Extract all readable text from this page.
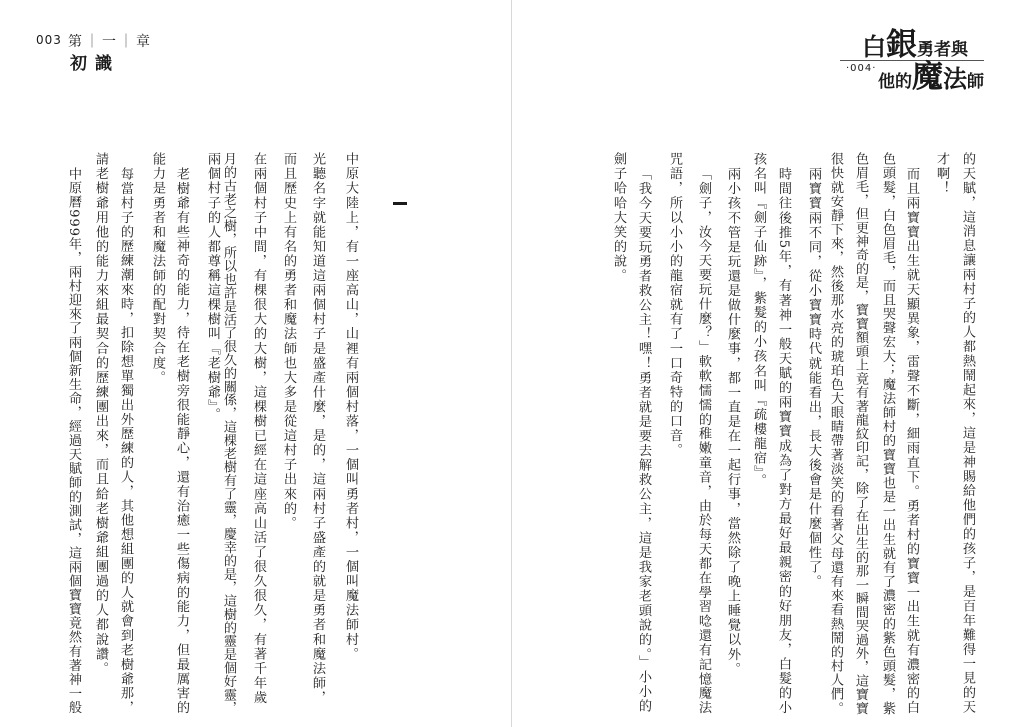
003 第｜一｜章
初識
中原大陸上，有一座高山，山裡有兩個村落，一個叫勇者村，一個叫魔法師村。
光聽名字就能知道這兩個村子是盛產什麼，是的，這兩村子盛產的就是勇者和魔法師，
而且歷史上有名的勇者和魔法師也大多是從這村子出來的。
在兩個村子中間，有棵很大的大樹，這棵樹已經在這座高山活了很久很久，有著千年歲
月的古老之樹，所以也許是活了很久的關係，這棵老樹有了靈，慶幸的是，這樹的靈是個好靈，
兩個村子的人都尊稱這棵樹叫『老樹爺』。
老樹爺有些神奇的能力，待在老樹旁很能靜心，還有治癒一些傷病的能力，但最厲害的
能力是勇者和魔法師的配對契合度。
每當村子的歷練潮來時，扣除想單獨出外歷練的人，其他想組團的人就會到老樹爺那，
請老樹爺用他的能力來組最契合的歷練團出來，而且給老樹爺組團過的人都說讚。
中原曆999年，兩村迎來了兩個新生命，經過天賦師的測試，這兩個寶寶竟然有著神一般	的天賦，這消息讓兩村子的人都熱鬧起來，這是神賜給他們的孩子，是百年難得一見的天
才啊！
而且兩寶寶出生就天顯異象，雷聲不斷，細雨直下。勇者村的寶寶一出生就有濃密的白
色頭髮，白色眉毛，而且哭聲宏大；魔法師村的寶寶也是一出生就有了濃密的紫色頭髮，紫
色眉毛，但更神奇的是，寶寶額頭上竟有著龍紋印記，除了在出生的那一瞬間哭過外，這寶寶
很快就安靜下來，然後那水亮的琥珀色大眼睛帶著淡笑的看著父母還有來看熱鬧的村人們。
兩寶寶兩不同，從小寶寶時代就能看出，長大後會是什麼個性了。
時間往後推5年，有著神一般天賦的兩寶寶成為了對方最好最親密的好朋友，白髮的小
孩名叫『劍子仙跡』，紫髮的小孩名叫『疏樓龍宿』。
兩小孩不管是玩還是做什麼事，都一直是在一起行事，當然除了晚上睡覺以外。
「劍子，汝今天要玩什麼？」軟軟懦懦的稚嫩童音，由於每天都在學習唸還有記憶魔法
咒語，所以小小的龍宿就有了一口奇特的口音。
「我今天要玩勇者救公主！嘿！勇者就是要去解救公主，這是我家老頭說的。」小小的
劍子哈哈大笑的說。
·004·
白銀勇者與
他的魔法師
